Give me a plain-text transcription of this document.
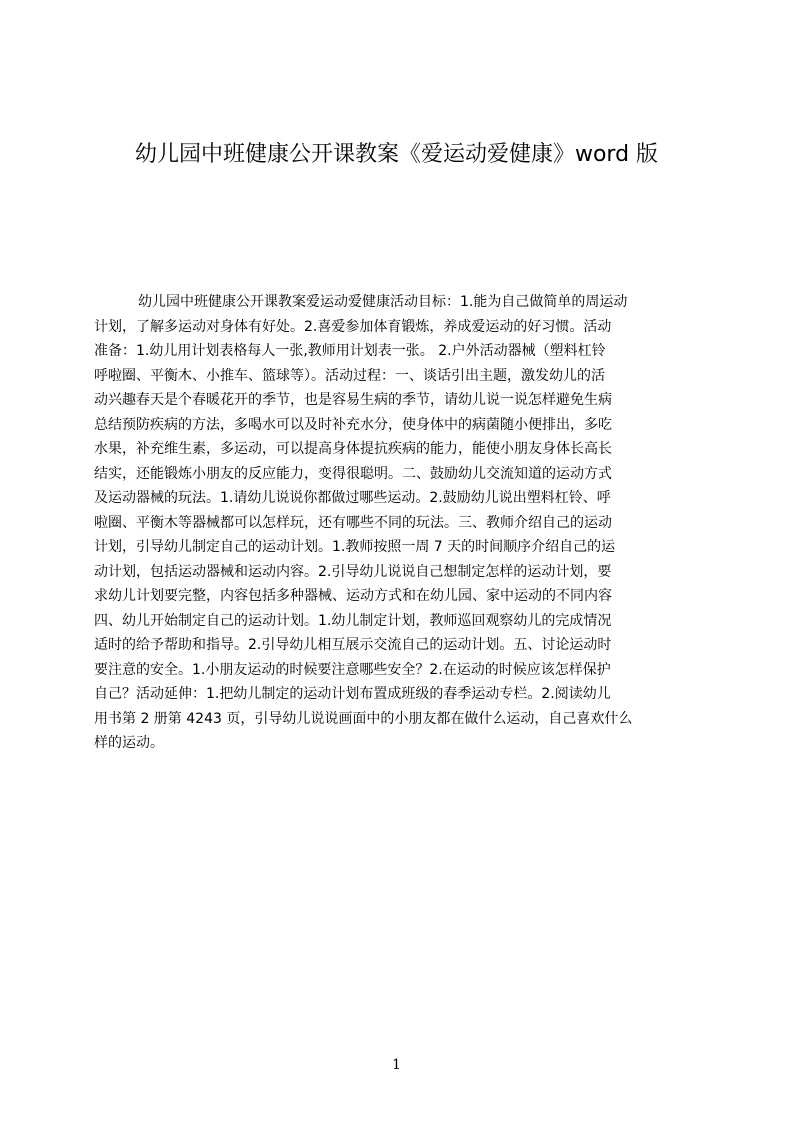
幼儿园中班健康公开课教案《爱运动爱健康》word 版
幼儿园中班健康公开课教案爱运动爱健康活动目标：1.能为自己做简单的周运动
计划，了解多运动对身体有好处。2.喜爱参加体育锻炼，养成爱运动的好习惯。活动
准备：1.幼儿用计划表格每人一张,教师用计划表一张。 2.户外活动器械（塑料杠铃
呼啦圈、平衡木、小推车、篮球等）。活动过程：一、谈话引出主题，激发幼儿的活
动兴趣春天是个春暖花开的季节，也是容易生病的季节，请幼儿说一说怎样避免生病
总结预防疾病的方法，多喝水可以及时补充水分，使身体中的病菌随小便排出，多吃
水果，补充维生素，多运动，可以提高身体提抗疾病的能力，能使小朋友身体长高长
结实，还能锻炼小朋友的反应能力，变得很聪明。二、鼓励幼儿交流知道的运动方式
及运动器械的玩法。1.请幼儿说说你都做过哪些运动。2.鼓励幼儿说出塑料杠铃、呼
啦圈、平衡木等器械都可以怎样玩，还有哪些不同的玩法。三、教师介绍自己的运动
计划，引导幼儿制定自己的运动计划。1.教师按照一周 7 天的时间顺序介绍自己的运
动计划，包括运动器械和运动内容。2.引导幼儿说说自己想制定怎样的运动计划，要
求幼儿计划要完整，内容包括多种器械、运动方式和在幼儿园、家中运动的不同内容
四、幼儿开始制定自己的运动计划。1.幼儿制定计划，教师巡回观察幼儿的完成情况
适时的给予帮助和指导。2.引导幼儿相互展示交流自己的运动计划。五、讨论运动时
要注意的安全。1.小朋友运动的时候要注意哪些安全？2.在运动的时候应该怎样保护
自己？活动延伸：1.把幼儿制定的运动计划布置成班级的春季运动专栏。2.阅读幼儿
用书第 2 册第 4243 页，引导幼儿说说画面中的小朋友都在做什么运动，自己喜欢什么
样的运动。
1
